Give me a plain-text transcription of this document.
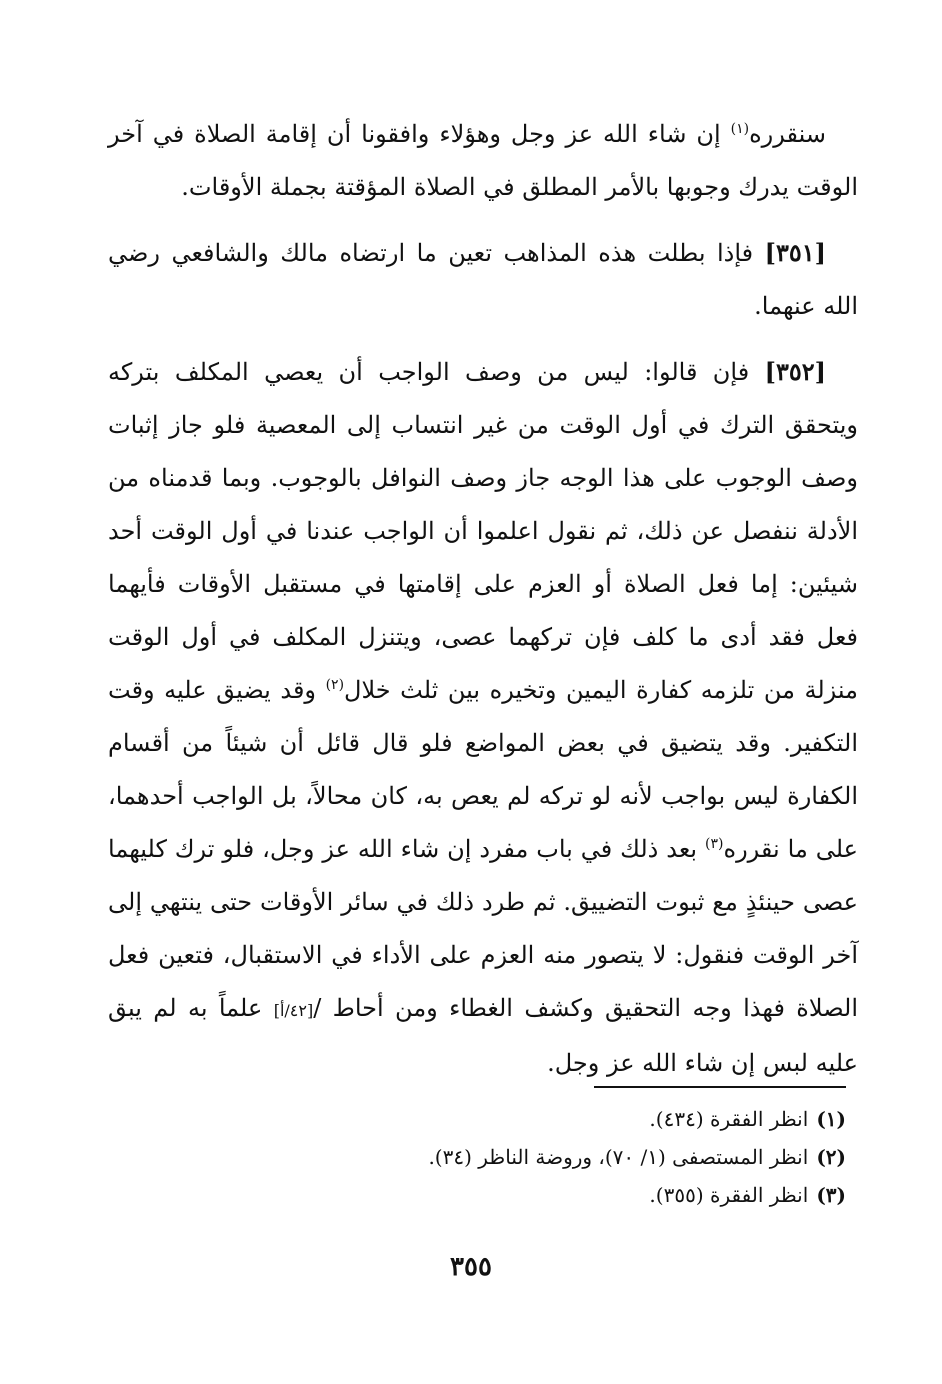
سنقرره$^{(١)}$ إن شاء الله عز وجل وهؤلاء وافقونا أن إقامة الصلاة في آخر الوقت يدرك وجوبها بالأمر المطلق في الصلاة المؤقتة بجملة الأوقات.

[٣٥١] فإذا بطلت هذه المذاهب تعين ما ارتضاه مالك والشافعي رضي الله عنهما.

[٣٥٢] فإن قالوا: ليس من وصف الواجب أن يعصي المكلف بتركه ويتحقق الترك في أول الوقت من غير انتساب إلى المعصية فلو جاز إثبات وصف الوجوب على هذا الوجه جاز وصف النوافل بالوجوب. وبما قدمناه من الأدلة ننفصل عن ذلك، ثم نقول اعلموا أن الواجب عندنا في أول الوقت أحد شيئين: إما فعل الصلاة أو العزم على إقامتها في مستقبل الأوقات فأيهما فعل فقد أدى ما كلف فإن تركهما عصى، ويتنزل المكلف في أول الوقت منزلة من تلزمه كفارة اليمين وتخيره بين ثلث خلال$^{(٢)}$ وقد يضيق عليه وقت التكفير. وقد يتضيق في بعض المواضع فلو قال قائل أن شيئاً من أقسام الكفارة ليس بواجب لأنه لو تركه لم يعص به، كان محالاً، بل الواجب أحدهما، على ما نقرره$^{(٣)}$ بعد ذلك في باب مفرد إن شاء الله عز وجل، فلو ترك كليهما عصى حينئذٍ مع ثبوت التضييق. ثم طرد ذلك في سائر الأوقات حتى ينتهي إلى آخر الوقت فنقول: لا يتصور منه العزم على الأداء في الاستقبال، فتعين فعل الصلاة فهذا وجه التحقيق وكشف الغطاء ومن أحاط /[٤٢/أ] علماً به لم يبق عليه لبس إن شاء الله عز وجل.

(١)انظر الفقرة (٤٣٤).

(٢)انظر المستصفى (١/ ٧٠)، وروضة الناظر (٣٤).

(٣)انظر الفقرة (٣٥٥).

٣٥٥
